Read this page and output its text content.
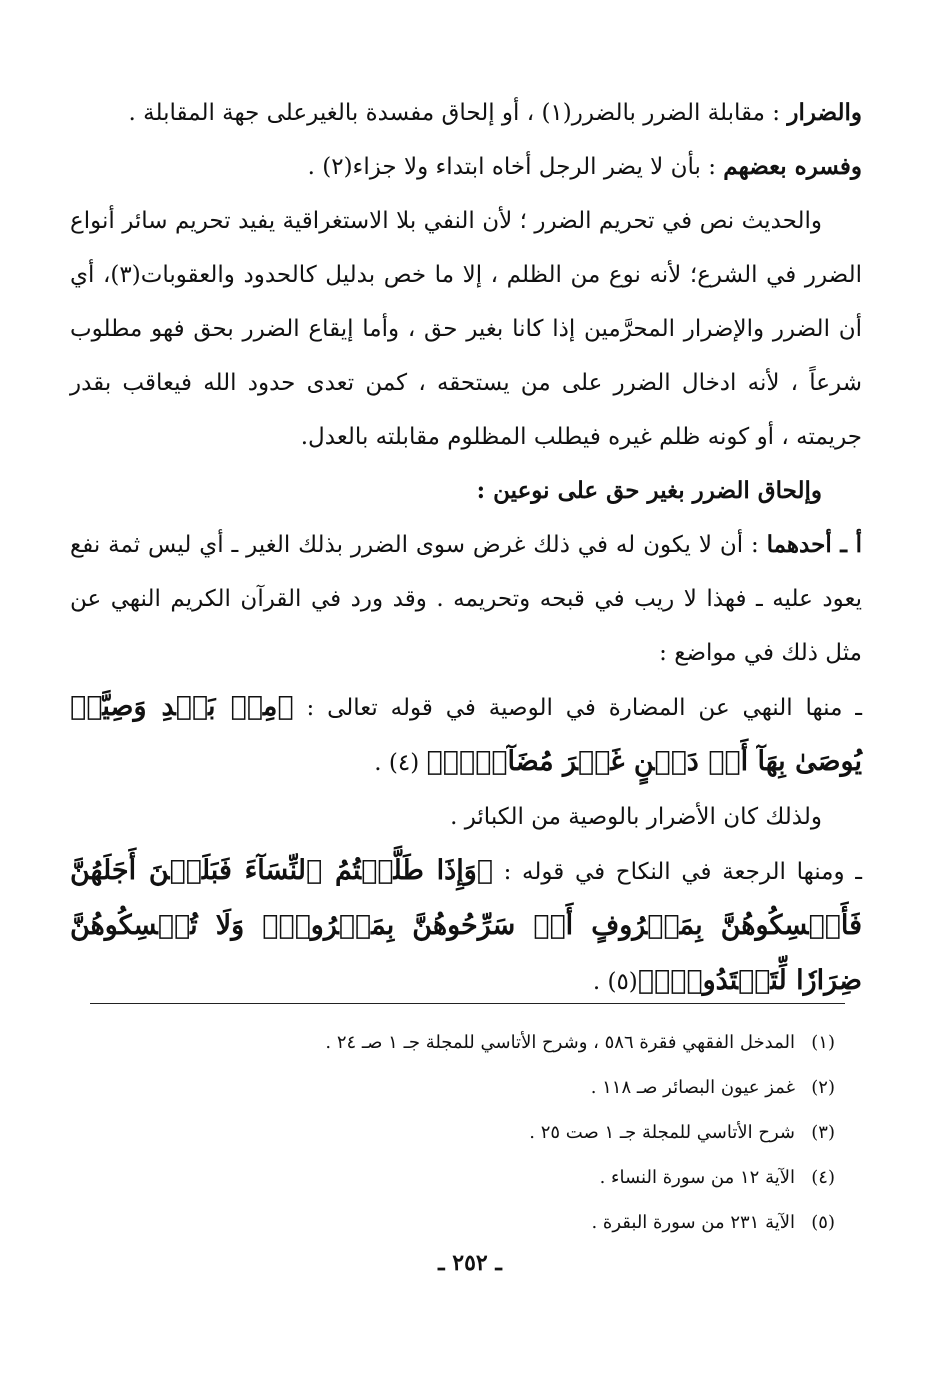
والضرار : مقابلة الضرر بالضرر(١) ، أو إلحاق مفسدة بالغيرعلى جهة المقابلة .

وفسره بعضهم : بأن لا يضر الرجل أخاه ابتداء ولا جزاء(٢) .

والحديث نص في تحريم الضرر ؛ لأن النفي بلا الاستغراقية يفيد تحريم سائر أنواع الضرر في الشرع؛ لأنه نوع من الظلم ، إلا ما خص بدليل كالحدود والعقوبات(٣)، أي أن الضرر والإضرار المحرَّمين إذا كانا بغير حق ، وأما إيقاع الضرر بحق فهو مطلوب شرعاً ، لأنه ادخال الضرر على من يستحقه ، كمن تعدى حدود الله فيعاقب بقدر جريمته ، أو كونه ظلم غيره فيطلب المظلوم مقابلته بالعدل.

وإلحاق الضرر بغير حق على نوعين :

أ ـ أحدهما : أن لا يكون له في ذلك غرض سوى الضرر بذلك الغير ـ أي ليس ثمة نفع يعود عليه ـ فهذا لا ريب في قبحه وتحريمه . وقد ورد في القرآن الكريم النهي عن مثل ذلك في مواضع :

ـ منها النهي عن المضارة في الوصية في قوله تعالى : ﴿مِنۢ بَعۡدِ وَصِيَّةٖ يُوصَىٰ بِهَآ أَوۡ دَيۡنٍ غَيۡرَ مُضَآرّٖۚ﴾ (٤) .

ولذلك كان الأضرار بالوصية من الكبائر .

ـ ومنها الرجعة في النكاح في قوله : ﴿وَإِذَا طَلَّقۡتُمُ ٱلنِّسَآءَ فَبَلَغۡنَ أَجَلَهُنَّ فَأَمۡسِكُوهُنَّ بِمَعۡرُوفٍ أَوۡ سَرِّحُوهُنَّ بِمَعۡرُوفٖۚ وَلَا تُمۡسِكُوهُنَّ ضِرَارٗا لِّتَعۡتَدُواْۚ﴾(٥) .

(١)المدخل الفقهي فقرة ٥٨٦ ، وشرح الأتاسي للمجلة جـ ١ صـ ٢٤ .
(٢)غمز عيون البصائر صـ ١١٨ .
(٣)شرح الأتاسي للمجلة جـ ١ صت ٢٥ .
(٤)الآية ١٢ من سورة النساء .
(٥)الآية ٢٣١ من سورة البقرة .
ـ ٢٥٢ ـ
